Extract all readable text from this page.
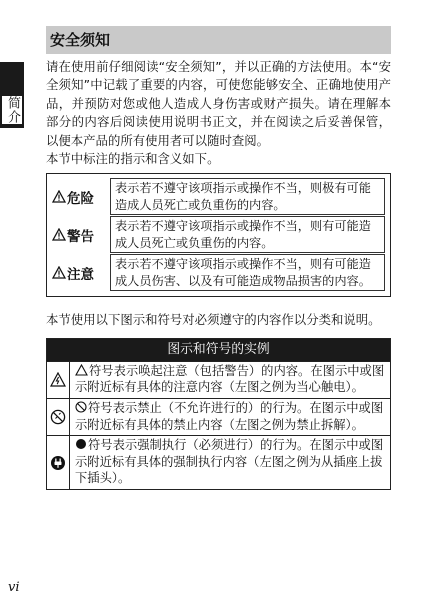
简介
安全须知

请在使用前仔细阅读“安全须知”，并以正确的方法使用。本“安全须知”中记载了重要的内容，可使您能够安全、正确地使用产品，并预防对您或他人造成人身伤害或财产损失。请在理解本部分的内容后阅读使用说明书正文，并在阅读之后妥善保管，以便本产品的所有使用者可以随时查阅。

本节中标注的指示和含义如下。

危险
表示若不遵守该项指示或操作不当，则极有可能造成人员死亡或负重伤的内容。
警告
表示若不遵守该项指示或操作不当，则有可能造成人员死亡或负重伤的内容。
注意
表示若不遵守该项指示或操作不当，则有可能造成人员伤害、以及有可能造成物品损害的内容。

本节使用以下图示和符号对必须遵守的内容作以分类和说明。

图示和符号的实例
符号表示唤起注意（包括警告）的内容。在图示中或图示附近标有具体的注意内容（左图之例为当心触电）。
符号表示禁止（不允许进行的）的行为。在图示中或图示附近标有具体的禁止内容（左图之例为禁止拆解）。
符号表示强制执行（必须进行）的行为。在图示中或图示附近标有具体的强制执行内容（左图之例为从插座上拔下插头）。
vi
